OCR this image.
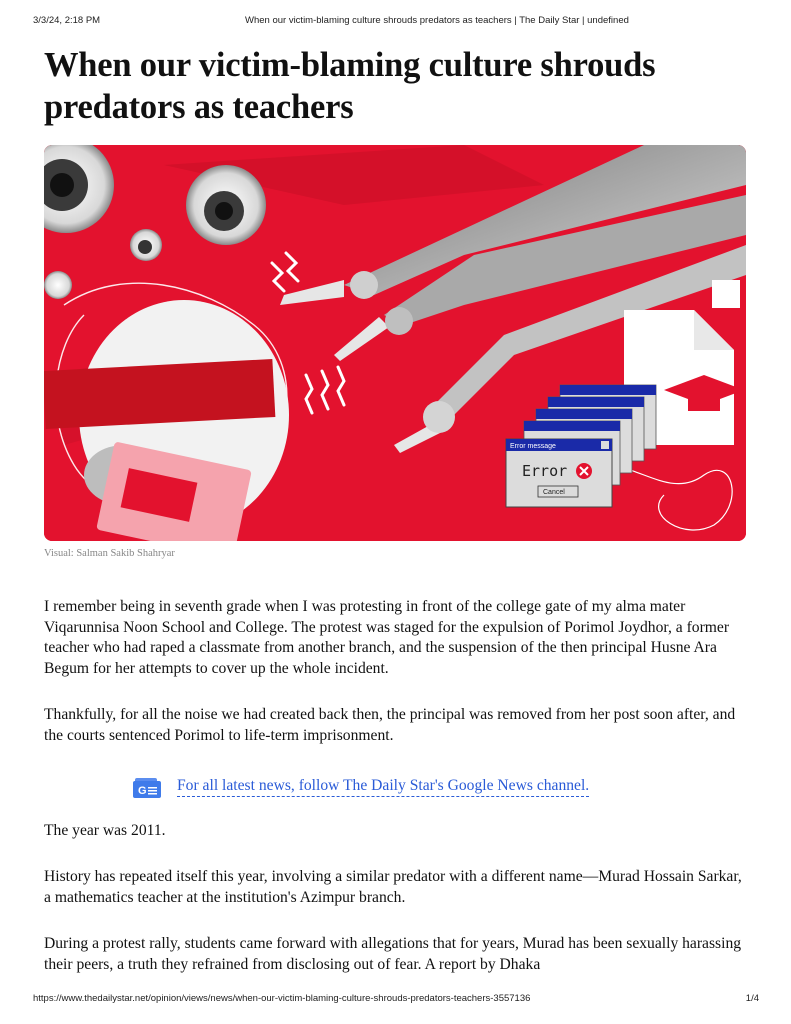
3/3/24, 2:18 PM	When our victim-blaming culture shrouds predators as teachers | The Daily Star | undefined
When our victim-blaming culture shrouds predators as teachers
Error message
Error
Cancel
Visual: Salman Sakib Shahryar

I remember being in seventh grade when I was protesting in front of the college gate of my alma mater Viqarunnisa Noon School and College. The protest was staged for the expulsion of Porimol Joydhor, a former teacher who had raped a classmate from another branch, and the suspension of the then principal Husne Ara Begum for her attempts to cover up the whole incident.

Thankfully, for all the noise we had created back then, the principal was removed from her post soon after, and the courts sentenced Porimol to life-term imprisonment.

G For all latest news, follow The Daily Star's Google News channel.

The year was 2011.

History has repeated itself this year, involving a similar predator with a different name—Murad Hossain Sarkar, a mathematics teacher at the institution's Azimpur branch.

During a protest rally, students came forward with allegations that for years, Murad has been sexually harassing their peers, a truth they refrained from disclosing out of fear. A report by Dhaka

https://www.thedailystar.net/opinion/views/news/when-our-victim-blaming-culture-shrouds-predators-teachers-3557136	1/4
